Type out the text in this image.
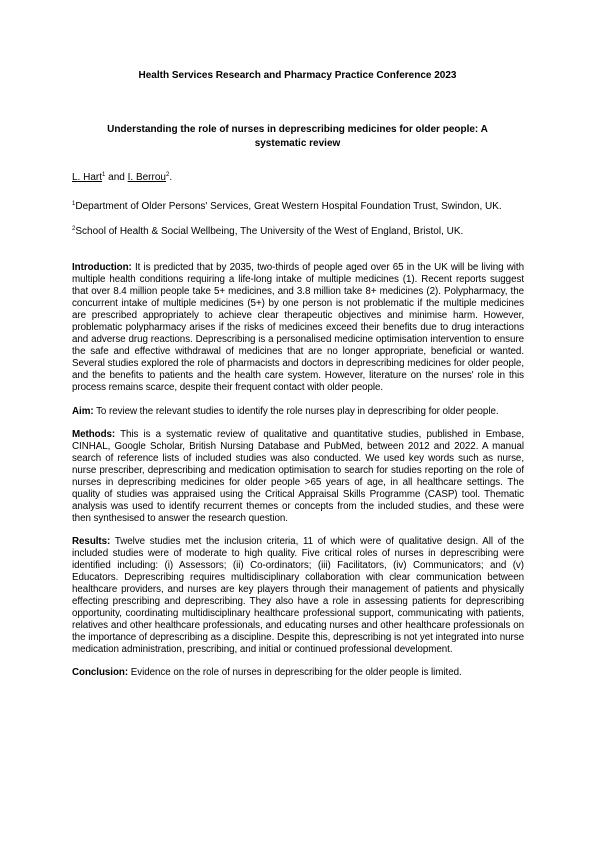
Health Services Research and Pharmacy Practice Conference 2023
Understanding the role of nurses in deprescribing medicines for older people: A systematic review
L. Hart$^1$ and I. Berrou$^2$.
$^1$Department of Older Persons' Services, Great Western Hospital Foundation Trust, Swindon, UK.
$^2$School of Health & Social Wellbeing, The University of the West of England, Bristol, UK.

Introduction: It is predicted that by 2035, two-thirds of people aged over 65 in the UK will be living with multiple health conditions requiring a life-long intake of multiple medicines (1). Recent reports suggest that over 8.4 million people take 5+ medicines, and 3.8 million take 8+ medicines (2). Polypharmacy, the concurrent intake of multiple medicines (5+) by one person is not problematic if the multiple medicines are prescribed appropriately to achieve clear therapeutic objectives and minimise harm. However, problematic polypharmacy arises if the risks of medicines exceed their benefits due to drug interactions and adverse drug reactions. Deprescribing is a personalised medicine optimisation intervention to ensure the safe and effective withdrawal of medicines that are no longer appropriate, beneficial or wanted. Several studies explored the role of pharmacists and doctors in deprescribing medicines for older people, and the benefits to patients and the health care system. However, literature on the nurses' role in this process remains scarce, despite their frequent contact with older people.

Aim: To review the relevant studies to identify the role nurses play in deprescribing for older people.

Methods: This is a systematic review of qualitative and quantitative studies, published in Embase, CINHAL, Google Scholar, British Nursing Database and PubMed, between 2012 and 2022. A manual search of reference lists of included studies was also conducted. We used key words such as nurse, nurse prescriber, deprescribing and medication optimisation to search for studies reporting on the role of nurses in deprescribing medicines for older people >65 years of age, in all healthcare settings. The quality of studies was appraised using the Critical Appraisal Skills Programme (CASP) tool. Thematic analysis was used to identify recurrent themes or concepts from the included studies, and these were then synthesised to answer the research question.

Results: Twelve studies met the inclusion criteria, 11 of which were of qualitative design. All of the included studies were of moderate to high quality. Five critical roles of nurses in deprescribing were identified including: (i) Assessors; (ii) Co-ordinators; (iii) Facilitators, (iv) Communicators; and (v) Educators. Deprescribing requires multidisciplinary collaboration with clear communication between healthcare providers, and nurses are key players through their management of patients and physically effecting prescribing and deprescribing. They also have a role in assessing patients for deprescribing opportunity, coordinating multidisciplinary healthcare professional support, communicating with patients, relatives and other healthcare professionals, and educating nurses and other healthcare professionals on the importance of deprescribing as a discipline. Despite this, deprescribing is not yet integrated into nurse medication administration, prescribing, and initial or continued professional development.

Conclusion: Evidence on the role of nurses in deprescribing for the older people is limited.
